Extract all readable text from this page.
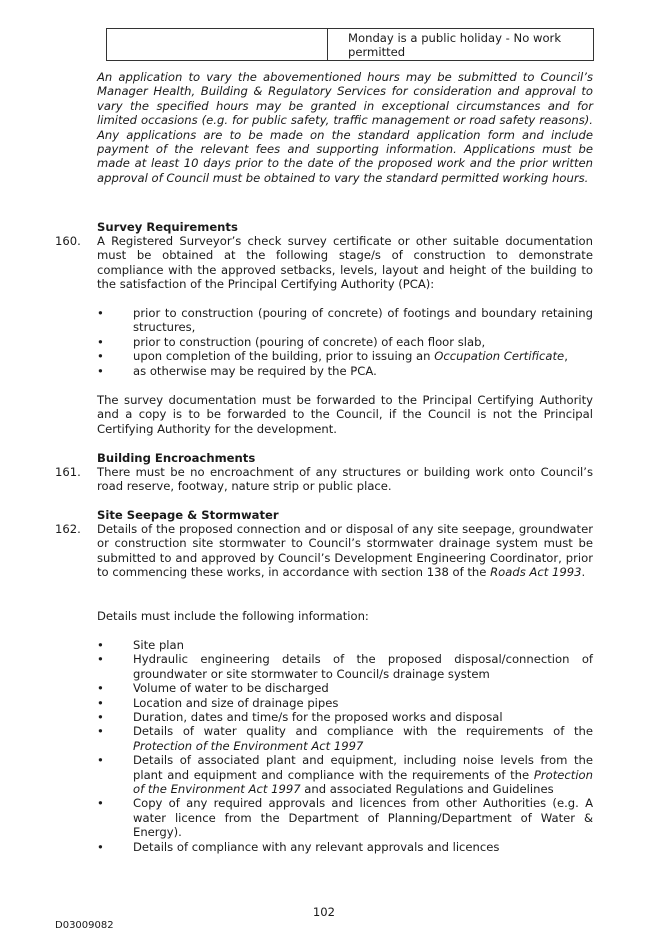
	Monday is a public holiday - No work permitted
An application to vary the abovementioned hours may be submitted to Council’s Manager Health, Building & Regulatory Services for consideration and approval to vary the specified hours may be granted in exceptional circumstances and for limited occasions (e.g. for public safety, traffic management or road safety reasons). Any applications are to be made on the standard application form and include payment of the relevant fees and supporting information. Applications must be made at least 10 days prior to the date of the proposed work and the prior written approval of Council must be obtained to vary the standard permitted working hours.
Survey Requirements
160. A Registered Surveyor’s check survey certificate or other suitable documentation must be obtained at the following stage/s of construction to demonstrate compliance with the approved setbacks, levels, layout and height of the building to the satisfaction of the Principal Certifying Authority (PCA):
•	prior to construction (pouring of concrete) of footings and boundary retaining structures,
•	prior to construction (pouring of concrete) of each floor slab,
•	upon completion of the building, prior to issuing an Occupation Certificate,
•	as otherwise may be required by the PCA.
The survey documentation must be forwarded to the Principal Certifying Authority and a copy is to be forwarded to the Council, if the Council is not the Principal Certifying Authority for the development.
Building Encroachments
161. There must be no encroachment of any structures or building work onto Council’s road reserve, footway, nature strip or public place.
Site Seepage & Stormwater
162. Details of the proposed connection and or disposal of any site seepage, groundwater or construction site stormwater to Council’s stormwater drainage system must be submitted to and approved by Council’s Development Engineering Coordinator, prior to commencing these works, in accordance with section 138 of the Roads Act 1993.
Details must include the following information:
•	Site plan
•	Hydraulic engineering details of the proposed disposal/connection of groundwater or site stormwater to Council/s drainage system
•	Volume of water to be discharged
•	Location and size of drainage pipes
•	Duration, dates and time/s for the proposed works and disposal
•	Details of water quality and compliance with the requirements of the Protection of the Environment Act 1997
•	Details of associated plant and equipment, including noise levels from the plant and equipment and compliance with the requirements of the Protection of the Environment Act 1997 and associated Regulations and Guidelines
•	Copy of any required approvals and licences from other Authorities (e.g. A water licence from the Department of Planning/Department of Water & Energy).
•	Details of compliance with any relevant approvals and licences
102
D03009082
